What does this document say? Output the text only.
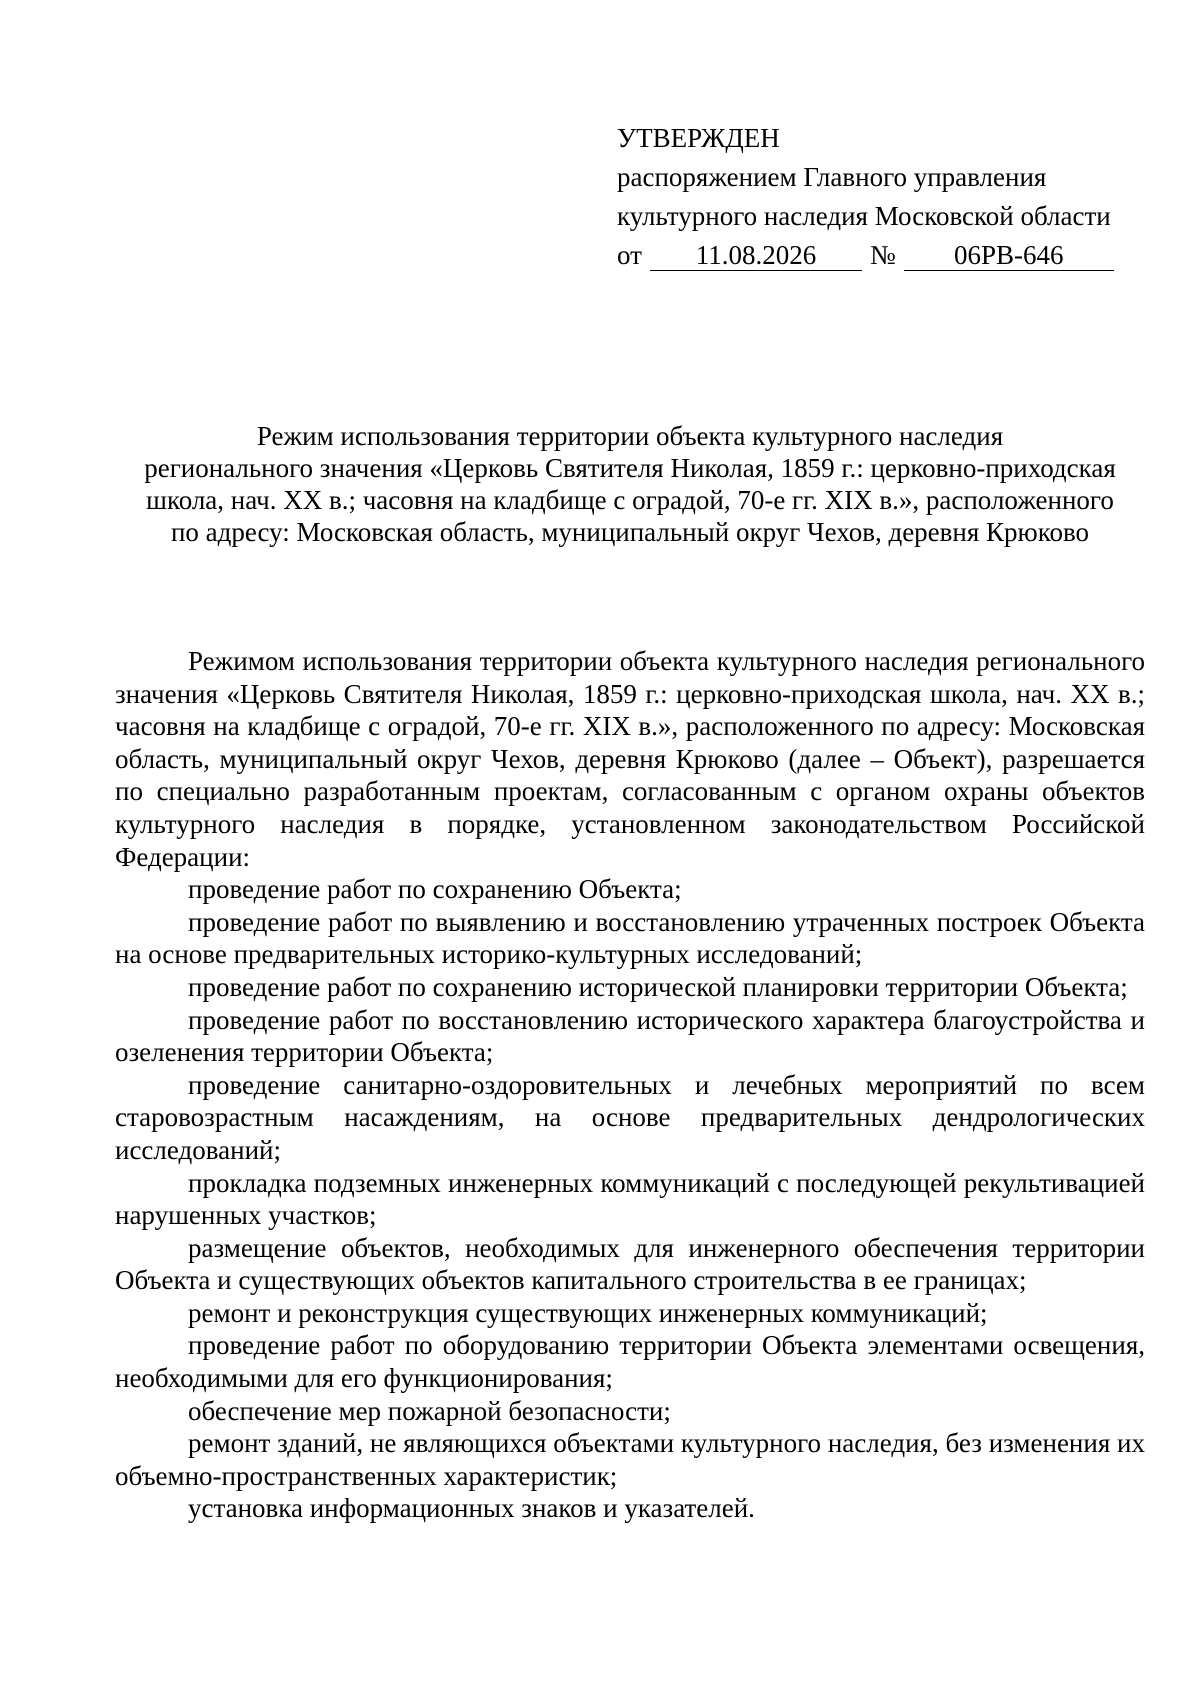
УТВЕРЖДЕН
распоряжением Главного управления
культурного наследия Московской области
от	11.08.2026	№	06РВ-646
Режим использования территории объекта культурного наследия
регионального значения «Церковь Святителя Николая, 1859 г.: церковно-приходская
школа, нач. XX в.; часовня на кладбище с оградой, 70-е гг. XIX в.», расположенного
по адресу: Московская область, муниципальный округ Чехов, деревня Крюково

Режимом использования территории объекта культурного наследия регионального значения «Церковь Святителя Николая, 1859 г.: церковно-приходская школа, нач. XX в.; часовня на кладбище с оградой, 70-е гг. XIX в.», расположенного по адресу: Московская область, муниципальный округ Чехов, деревня Крюково (далее – Объект), разрешается по специально разработанным проектам, согласованным с органом охраны объектов культурного наследия в порядке, установленном законодательством Российской Федерации:

проведение работ по сохранению Объекта;

проведение работ по выявлению и восстановлению утраченных построек Объекта на основе предварительных историко-культурных исследований;

проведение работ по сохранению исторической планировки территории Объекта;

проведение работ по восстановлению исторического характера благоустройства и озеленения территории Объекта;

проведение санитарно-оздоровительных и лечебных мероприятий по всем старовозрастным насаждениям, на основе предварительных дендрологических исследований;

прокладка подземных инженерных коммуникаций с последующей рекультивацией нарушенных участков;

размещение объектов, необходимых для инженерного обеспечения территории Объекта и существующих объектов капитального строительства в ее границах;

ремонт и реконструкция существующих инженерных коммуникаций;

проведение работ по оборудованию территории Объекта элементами освещения, необходимыми для его функционирования;

обеспечение мер пожарной безопасности;

ремонт зданий, не являющихся объектами культурного наследия, без изменения их объемно-пространственных характеристик;

установка информационных знаков и указателей.
